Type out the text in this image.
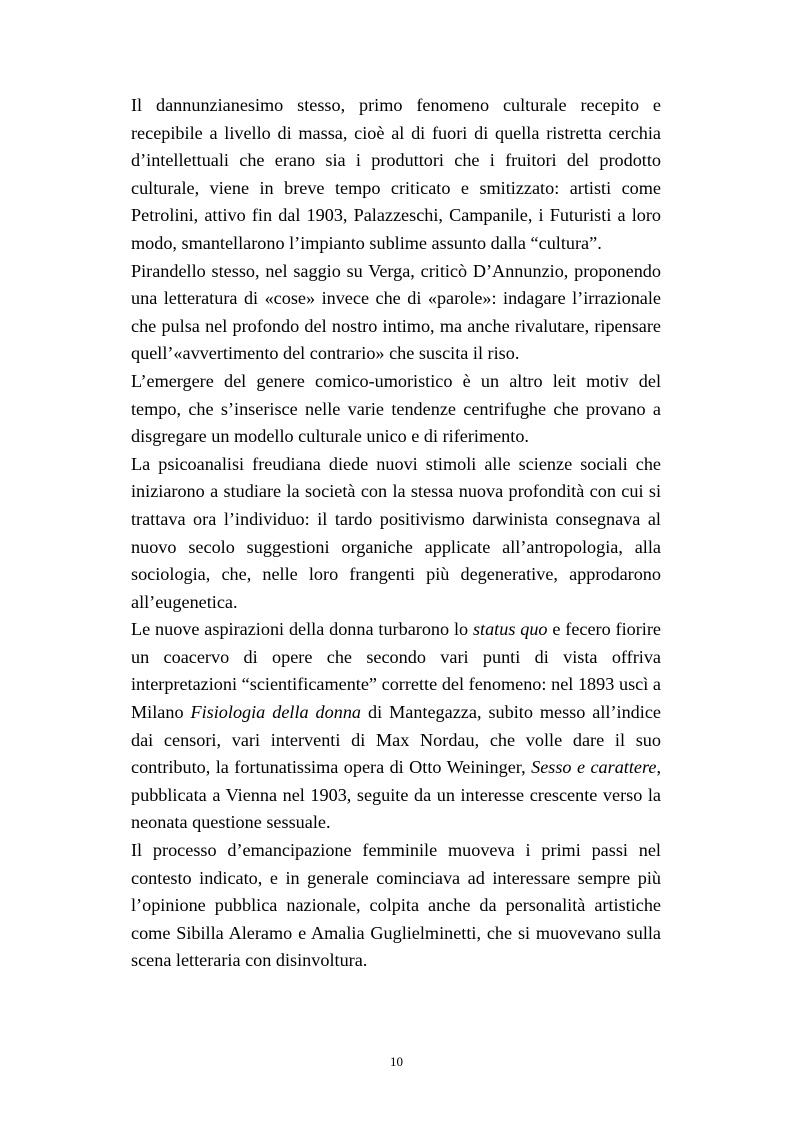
Il dannunzianesimo stesso, primo fenomeno culturale recepito e recepibile a livello di massa, cioè al di fuori di quella ristretta cerchia d’intellettuali che erano sia i produttori che i fruitori del prodotto culturale, viene in breve tempo criticato e smitizzato: artisti come Petrolini, attivo fin dal 1903, Palazzeschi, Campanile, i Futuristi a loro modo, smantellarono l’impianto sublime assunto dalla “cultura”.

Pirandello stesso, nel saggio su Verga, criticò D’Annunzio, proponendo una letteratura di «cose» invece che di «parole»: indagare l’irrazionale che pulsa nel profondo del nostro intimo, ma anche rivalutare, ripensare quell’«avvertimento del contrario» che suscita il riso.

L’emergere del genere comico-umoristico è un altro leit motiv del tempo, che s’inserisce nelle varie tendenze centrifughe che provano a disgregare un modello culturale unico e di riferimento.

La psicoanalisi freudiana diede nuovi stimoli alle scienze sociali che iniziarono a studiare la società con la stessa nuova profondità con cui si trattava ora l’individuo: il tardo positivismo darwinista consegnava al nuovo secolo suggestioni organiche applicate all’antropologia, alla sociologia, che, nelle loro frangenti più degenerative, approdarono all’eugenetica.

Le nuove aspirazioni della donna turbarono lo status quo e fecero fiorire un coacervo di opere che secondo vari punti di vista offriva interpretazioni “scientificamente” corrette del fenomeno: nel 1893 uscì a Milano Fisiologia della donna di Mantegazza, subito messo all’indice dai censori, vari interventi di Max Nordau, che volle dare il suo contributo, la fortunatissima opera di Otto Weininger, Sesso e carattere, pubblicata a Vienna nel 1903, seguite da un interesse crescente verso la neonata questione sessuale.

Il processo d’emancipazione femminile muoveva i primi passi nel contesto indicato, e in generale cominciava ad interessare sempre più l’opinione pubblica nazionale, colpita anche da personalità artistiche come Sibilla Aleramo e Amalia Guglielminetti, che si muovevano sulla scena letteraria con disinvoltura.

10
